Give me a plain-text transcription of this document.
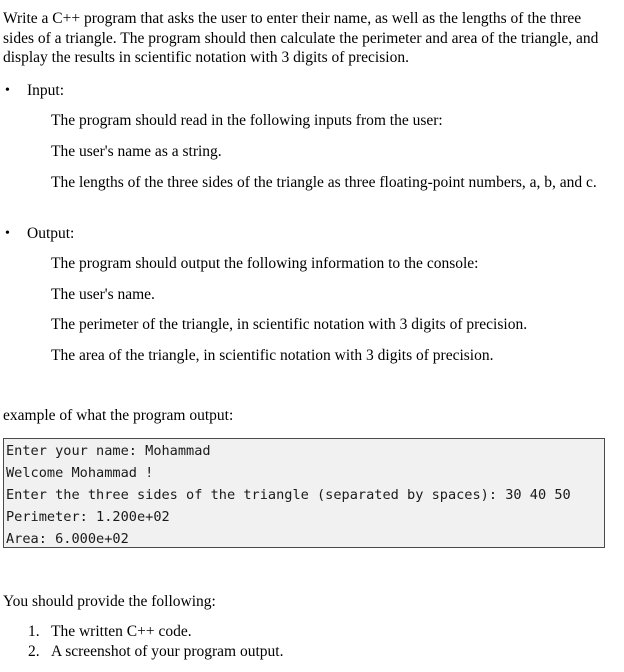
Write a C++ program that asks the user to enter their name, as well as the lengths of the three sides of a triangle. The program should then calculate the perimeter and area of the triangle, and display the results in scientific notation with 3 digits of precision.

• Input:

The program should read in the following inputs from the user:

The user's name as a string.

The lengths of the three sides of the triangle as three floating-point numbers, a, b, and c.

• Output:

The program should output the following information to the console:

The user's name.

The perimeter of the triangle, in scientific notation with 3 digits of precision.

The area of the triangle, in scientific notation with 3 digits of precision.

example of what the program output:
Enter your name: Mohammad
Welcome Mohammad !
Enter the three sides of the triangle (separated by spaces): 30 40 50
Perimeter: 1.200e+02
Area: 6.000e+02
You should provide the following:
1. The written C++ code.
2. A screenshot of your program output.
